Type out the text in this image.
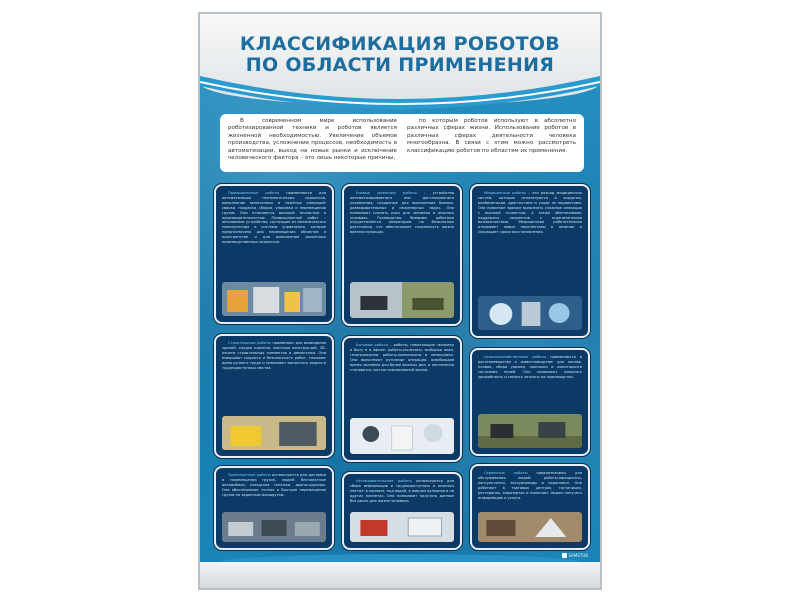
КЛАССИФИКАЦИЯ РОБОТОВ
ПО ОБЛАСТИ ПРИМЕНЕНИЯ

В современном мире использование роботизированной техники и роботов является жизненной необходимостью. Увеличение объемов производства, усложнение процессов, необходимость в автоматизации, выход на новые рынки и исключение человеческого фактора – это лишь некоторые причины,

по которым роботов используют в абсолютно различных сферах жизни. Использование роботов в различных сферах деятельности человека многообразна. В связи с этим можно рассмотреть классификацию роботов по областям их применения.

Промышленные роботы применяются для автоматизации технологических процессов, выполнения монотонных и тяжёлых операций: сварки, покраски, сборки, упаковки и перемещения грузов. Они отличаются высокой точностью и производительностью. Промышленный робот – автономное устройство, состоящее из механического манипулятора и системы управления, которое предназначено для перемещения объектов в пространстве и для выполнения различных производственных процессов.
Боевые (военные) роботы – устройства автоматизированного или дистанционного управления, созданные для выполнения боевых, разведывательных и инженерных задач. Они позволяют снизить риск для человека в опасных условиях. Руководство боевыми роботами осуществляется оператором на безопасном расстоянии, что обеспечивает сохранность жизни военнослужащих.
Медицинские роботы – это разряд медицинских систем, которые используются в хирургии, реабилитации, диагностике и уходе за пациентами. Они помогают врачам выполнять сложные операции с высокой точностью, а также обеспечивают поддержку пациентов с ограниченными возможностями. Медицинская робототехника открывает новые перспективы в лечении и сокращает сроки восстановления.
Строительные роботы применяют для возведения зданий, кладки кирпича, монтажа конструкций, 3D-печати строительных элементов и демонтажа. Они повышают скорость и безопасность работ, снижают долю ручного труда и позволяют выполнять задачи в труднодоступных местах.
Бытовые роботы – роботы, помогающие человеку в быту и в офисе: роботы-пылесосы, мойщики окон, газонокосилки, роботы-компаньоны и помощники. Они выполняют рутинные операции, освобождая время человека для более важных дел, и постепенно становятся частью повседневной жизни.
Сельскохозяйственные роботы применяются в растениеводстве и животноводстве: для посева, полива, сбора урожая, прополки и мониторинга состояния полей. Они позволяют повысить урожайность и снизить затраты на производство.
Транспортные роботы используются для доставки и перемещения грузов, людей: беспилотные автомобили, складские тележки, дроны-курьеры. Они обеспечивают точное и быстрое перемещение грузов по заданным маршрутам.
Исследовательские роботы используются для сбора информации в труднодоступных и опасных местах: в космосе, под водой, в жерлах вулканов и на других планетах. Они позволяют получать данные без риска для жизни человека.
Сервисные роботы предназначены для обслуживания людей: роботы-официанты, консультанты, экскурсоводы и охранники. Они работают в торговых центрах, гостиницах, ресторанах, аэропортах и помогают людям получать информацию и услуги.
SAMSTUB
